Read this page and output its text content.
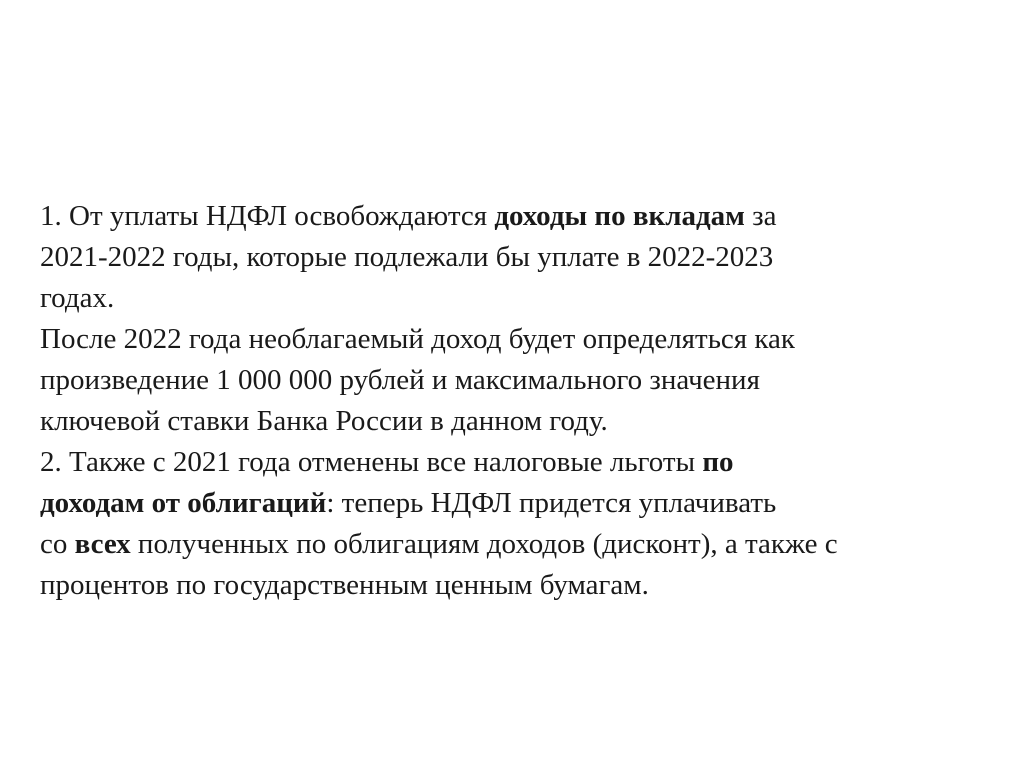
1. От уплаты НДФЛ освобождаются доходы по вкладам за
2021-2022 годы, которые подлежали бы уплате в 2022-2023
годах.
После 2022 года необлагаемый доход будет определяться как
произведение 1 000 000 рублей и максимального значения
ключевой ставки Банка России в данном году.
2. Также с 2021 года отменены все налоговые льготы по
доходам от облигаций: теперь НДФЛ придется уплачивать
со всех полученных по облигациям доходов (дисконт), а также с
процентов по государственным ценным бумагам.
